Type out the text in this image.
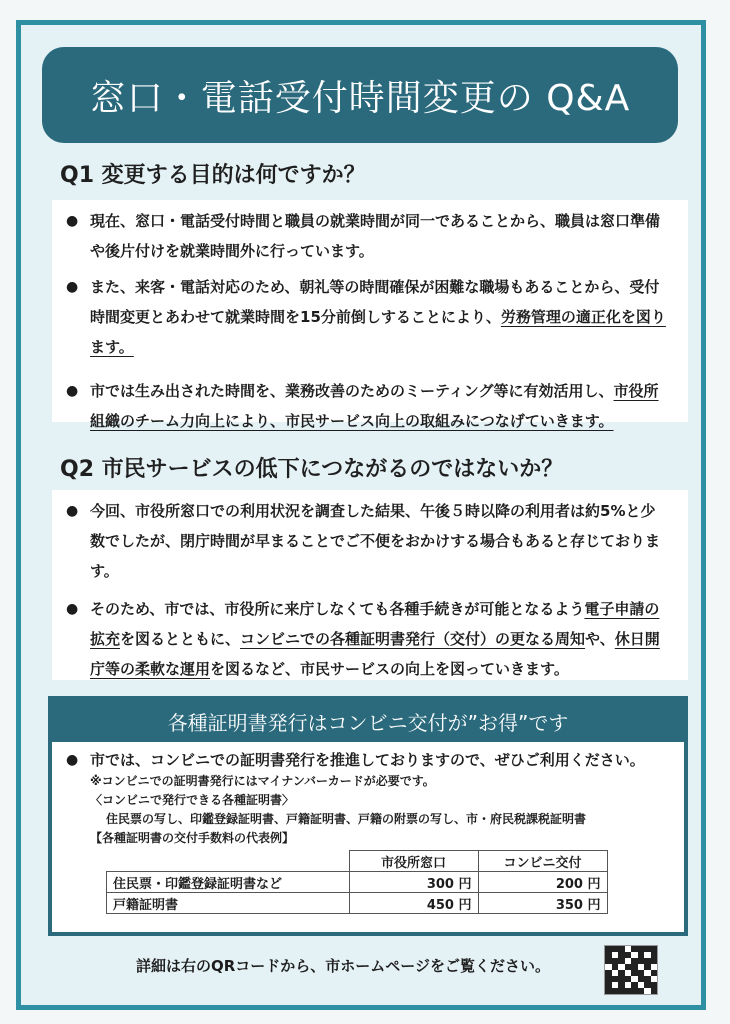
窓口・電話受付時間変更の Q&A
Q1 変更する目的は何ですか？
● 現在、窓口・電話受付時間と職員の就業時間が同一であることから、職員は窓口準備や後片付けを就業時間外に行っています。
● また、来客・電話対応のため、朝礼等の時間確保が困難な職場もあることから、受付時間変更とあわせて就業時間を15分前倒しすることにより、労務管理の適正化を図ります。
● 市では生み出された時間を、業務改善のためのミーティング等に有効活用し、市役所組織のチーム力向上により、市民サービス向上の取組みにつなげていきます。
Q2 市民サービスの低下につながるのではないか？
● 今回、市役所窓口での利用状況を調査した結果、午後５時以降の利用者は約5%と少数でしたが、閉庁時間が早まることでご不便をおかけする場合もあると存じております。
● そのため、市では、市役所に来庁しなくても各種手続きが可能となるよう電子申請の拡充を図るとともに、コンビニでの各種証明書発行（交付）の更なる周知や、休日開庁等の柔軟な運用を図るなど、市民サービスの向上を図っていきます。
各種証明書発行はコンビニ交付が”お得”です
● 市では、コンビニでの証明書発行を推進しておりますので、ぜひご利用ください。
※コンビニでの証明書発行にはマイナンバーカードが必要です。
〈コンビニで発行できる各種証明書〉
住民票の写し、印鑑登録証明書、戸籍証明書、戸籍の附票の写し、市・府民税課税証明書
【各種証明書の交付手数料の代表例】
	市役所窓口	コンビニ交付
住民票・印鑑登録証明書など	300 円	200 円
戸籍証明書	450 円	350 円
詳細は右のQRコードから、市ホームページをご覧ください。
